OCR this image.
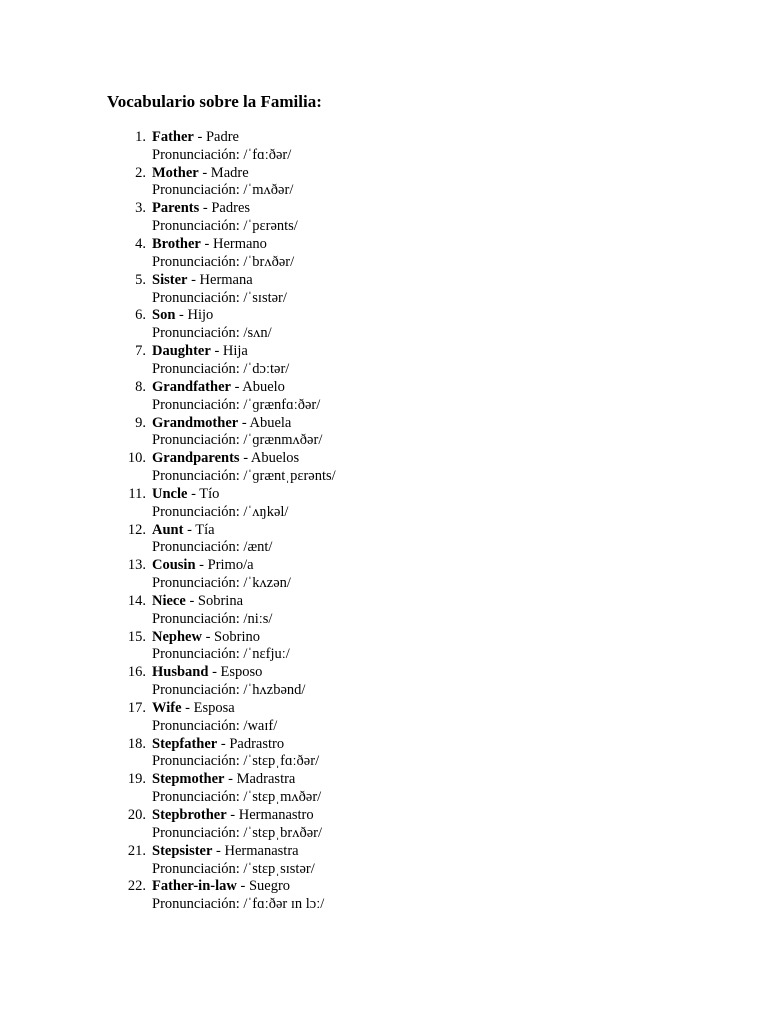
Vocabulario sobre la Familia:
1. Father - Padre
Pronunciación: /ˈfɑːðər/
2. Mother - Madre
Pronunciación: /ˈmʌðər/
3. Parents - Padres
Pronunciación: /ˈpɛrənts/
4. Brother - Hermano
Pronunciación: /ˈbrʌðər/
5. Sister - Hermana
Pronunciación: /ˈsɪstər/
6. Son - Hijo
Pronunciación: /sʌn/
7. Daughter - Hija
Pronunciación: /ˈdɔːtər/
8. Grandfather - Abuelo
Pronunciación: /ˈɡrænfɑːðər/
9. Grandmother - Abuela
Pronunciación: /ˈɡrænmʌðər/
10. Grandparents - Abuelos
Pronunciación: /ˈɡræntˌpɛrənts/
11. Uncle - Tío
Pronunciación: /ˈʌŋkəl/
12. Aunt - Tía
Pronunciación: /ænt/
13. Cousin - Primo/a
Pronunciación: /ˈkʌzən/
14. Niece - Sobrina
Pronunciación: /niːs/
15. Nephew - Sobrino
Pronunciación: /ˈnɛfjuː/
16. Husband - Esposo
Pronunciación: /ˈhʌzbənd/
17. Wife - Esposa
Pronunciación: /waɪf/
18. Stepfather - Padrastro
Pronunciación: /ˈstɛpˌfɑːðər/
19. Stepmother - Madrastra
Pronunciación: /ˈstɛpˌmʌðər/
20. Stepbrother - Hermanastro
Pronunciación: /ˈstɛpˌbrʌðər/
21. Stepsister - Hermanastra
Pronunciación: /ˈstɛpˌsɪstər/
22. Father-in-law - Suegro
Pronunciación: /ˈfɑːðər ɪn lɔː/
